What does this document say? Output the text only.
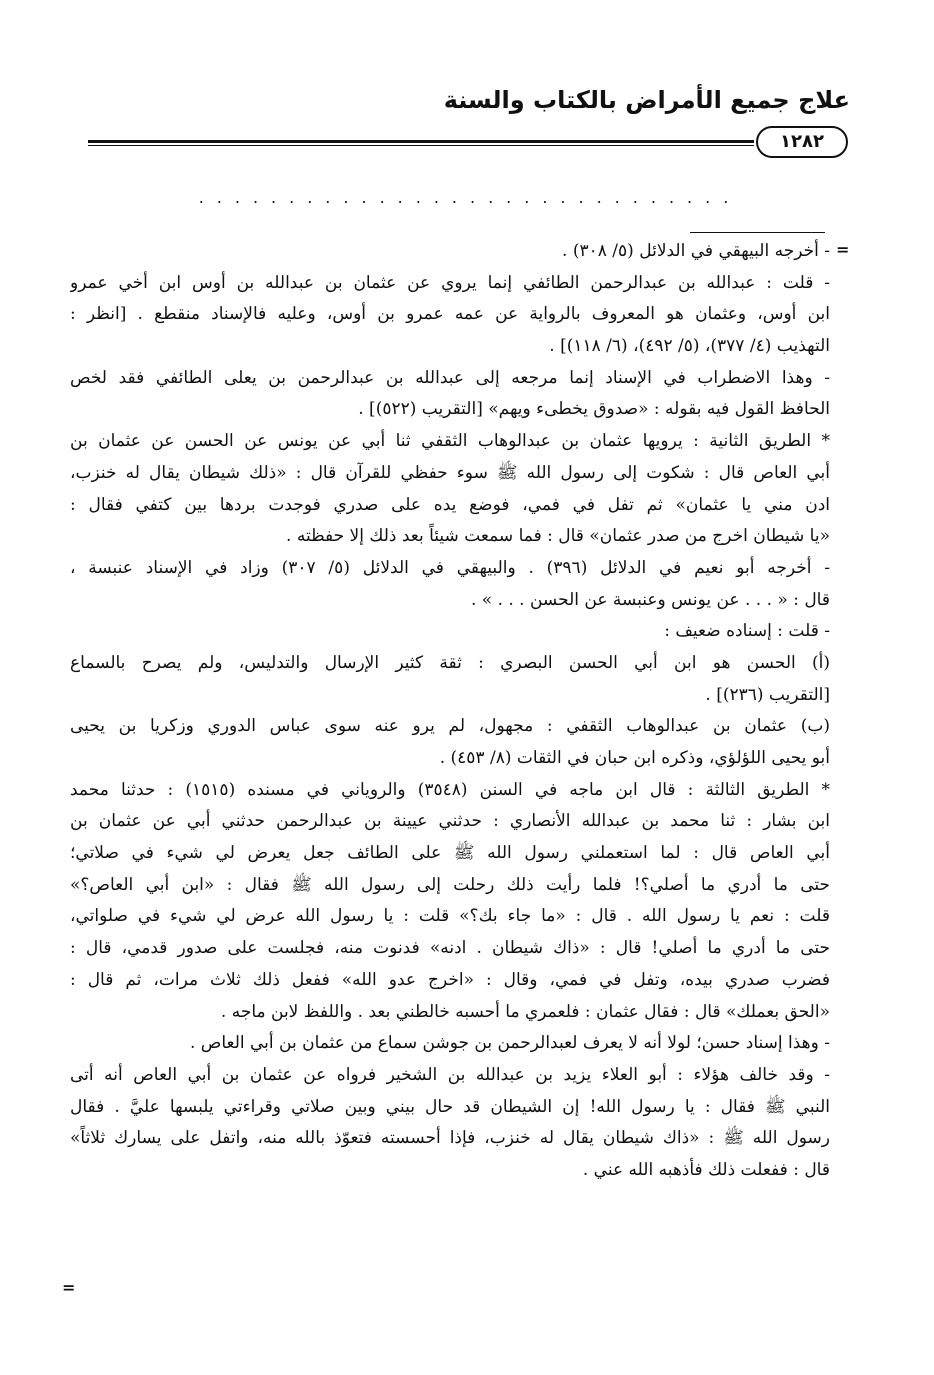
علاج جميع الأمراض بالكتاب والسنة
١٢٨٢
..............................
=
- أخرجه البيهقي في الدلائل (٥/ ٣٠٨) .
- قلت : عبدالله بن عبدالرحمن الطائفي إنما يروي عن عثمان بن عبدالله بن أوس ابن أخي عمرو
ابن أوس، وعثمان هو المعروف بالرواية عن عمه عمرو بن أوس، وعليه فالإسناد منقطع . [انظر :
التهذيب (٤/ ٣٧٧)، (٥/ ٤٩٢)، (٦/ ١١٨)] .
- وهذا الاضطراب في الإسناد إنما مرجعه إلى عبدالله بن عبدالرحمن بن يعلى الطائفي فقد لخص
الحافظ القول فيه بقوله : «صدوق يخطىء ويهم» [التقريب (٥٢٢)] .
* الطريق الثانية : يرويها عثمان بن عبدالوهاب الثقفي ثنا أبي عن يونس عن الحسن عن عثمان بن
أبي العاص قال : شكوت إلى رسول الله ﷺ سوء حفظي للقرآن قال : «ذلك شيطان يقال له خنزب،
ادن مني يا عثمان» ثم تفل في فمي، فوضع يده على صدري فوجدت بردها بين كتفي فقال :
«يا شيطان اخرج من صدر عثمان» قال : فما سمعت شيئاً بعد ذلك إلا حفظته .
- أخرجه أبو نعيم في الدلائل (٣٩٦) . والبيهقي في الدلائل (٥/ ٣٠٧) وزاد في الإسناد عنبسة ،
قال : « . . . عن يونس وعنبسة عن الحسن . . . » .
- قلت : إسناده ضعيف :
(أ) الحسن هو ابن أبي الحسن البصري : ثقة كثير الإرسال والتدليس، ولم يصرح بالسماع
[التقريب (٢٣٦)] .
(ب) عثمان بن عبدالوهاب الثقفي : مجهول، لم يرو عنه سوى عباس الدوري وزكريا بن يحيى
أبو يحيى اللؤلؤي، وذكره ابن حبان في الثقات (٨/ ٤٥٣) .
* الطريق الثالثة : قال ابن ماجه في السنن (٣٥٤٨) والروياني في مسنده (١٥١٥) : حدثنا محمد
ابن بشار : ثنا محمد بن عبدالله الأنصاري : حدثني عيينة بن عبدالرحمن حدثني أبي عن عثمان بن
أبي العاص قال : لما استعملني رسول الله ﷺ على الطائف جعل يعرض لي شيء في صلاتي؛
حتى ما أدري ما أصلي؟! فلما رأيت ذلك رحلت إلى رسول الله ﷺ فقال : «ابن أبي العاص؟»
قلت : نعم يا رسول الله . قال : «ما جاء بك؟» قلت : يا رسول الله عرض لي شيء في صلواتي،
حتى ما أدري ما أصلي! قال : «ذاك شيطان . ادنه» فدنوت منه، فجلست على صدور قدمي، قال :
فضرب صدري بيده، وتفل في فمي، وقال : «اخرج عدو الله» ففعل ذلك ثلاث مرات، ثم قال :
«الحق بعملك» قال : فقال عثمان : فلعمري ما أحسبه خالطني بعد . واللفظ لابن ماجه .
- وهذا إسناد حسن؛ لولا أنه لا يعرف لعبدالرحمن بن جوشن سماع من عثمان بن أبي العاص .
- وقد خالف هؤلاء : أبو العلاء يزيد بن عبدالله بن الشخير فرواه عن عثمان بن أبي العاص أنه أتى
النبي ﷺ فقال : يا رسول الله! إن الشيطان قد حال بيني وبين صلاتي وقراءتي يلبسها عليَّ . فقال
رسول الله ﷺ : «ذاك شيطان يقال له خنزب، فإذا أحسسته فتعوّذ بالله منه، واتفل على يسارك ثلاثاً»
قال : ففعلت ذلك فأذهبه الله عني .
=
